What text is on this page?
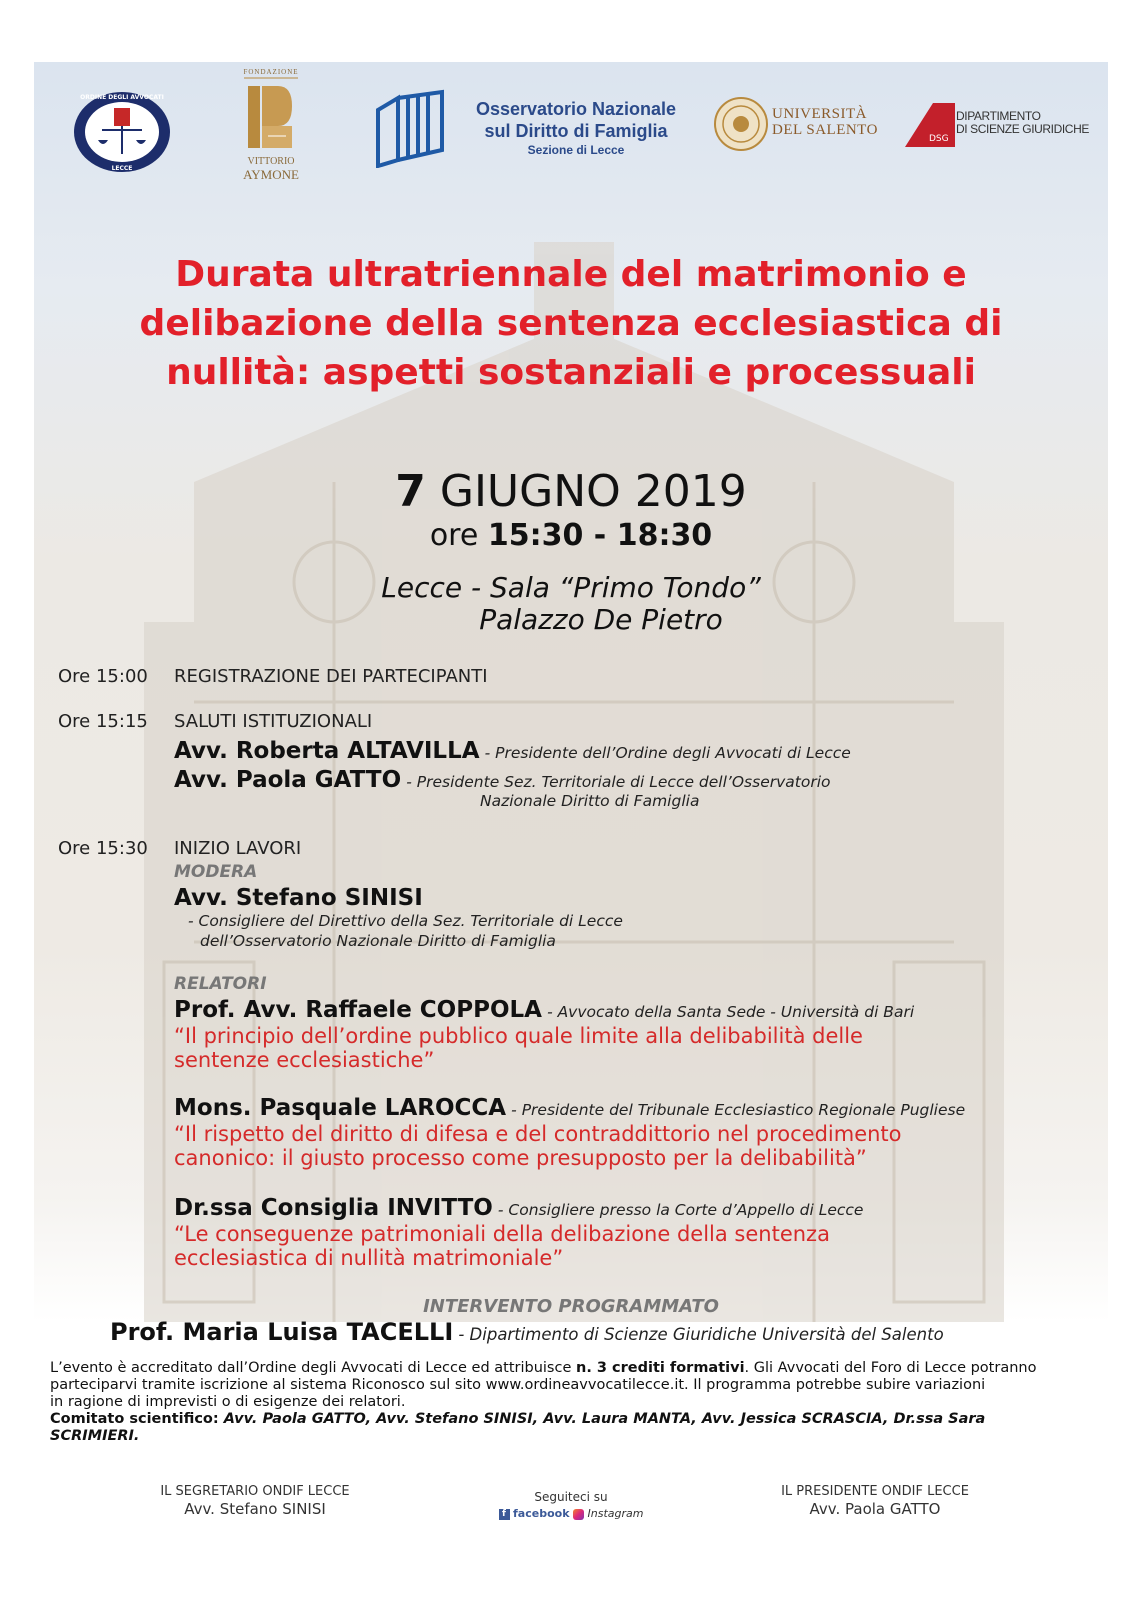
ORDINE DEGLI AVVOCATI
LECCE
FONDAZIONE
VITTORIO
AYMONE
Osservatorio Nazionale
sul Diritto di Famiglia
Sezione di Lecce
UNIVERSITÀ
DEL SALENTO
DSG
DIPARTIMENTO
DI SCIENZE GIURIDICHE
Durata ultratriennale del matrimonio e
delibazione della sentenza ecclesiastica di
nullità: aspetti sostanziali e processuali
7 GIUGNO 2019
ore 15:30 - 18:30
Lecce - Sala “Primo Tondo”
Palazzo De Pietro
Ore 15:00 REGISTRAZIONE DEI PARTECIPANTI
Ore 15:15 SALUTI ISTITUZIONALI
Avv. Roberta ALTAVILLA - Presidente dell’Ordine degli Avvocati di Lecce
Avv. Paola GATTO - Presidente Sez. Territoriale di Lecce dell’Osservatorio
Nazionale Diritto di Famiglia
Ore 15:30 INIZIO LAVORI
MODERA
Avv. Stefano SINISI
- Consigliere del Direttivo della Sez. Territoriale di Lecce
dell’Osservatorio Nazionale Diritto di Famiglia
RELATORI
Prof. Avv. Raffaele COPPOLA - Avvocato della Santa Sede - Università di Bari
“Il principio dell’ordine pubblico quale limite alla delibabilità delle
sentenze ecclesiastiche”
Mons. Pasquale LAROCCA - Presidente del Tribunale Ecclesiastico Regionale Pugliese
“Il rispetto del diritto di difesa e del contraddittorio nel procedimento
canonico: il giusto processo come presupposto per la delibabilità”
Dr.ssa Consiglia INVITTO - Consigliere presso la Corte d’Appello di Lecce
“Le conseguenze patrimoniali della delibazione della sentenza
ecclesiastica di nullità matrimoniale”
INTERVENTO PROGRAMMATO
Prof. Maria Luisa TACELLI - Dipartimento di Scienze Giuridiche Università del Salento
L’evento è accreditato dall’Ordine degli Avvocati di Lecce ed attribuisce n. 3 crediti formativi. Gli Avvocati del Foro di Lecce potranno
parteciparvi tramite iscrizione al sistema Riconosco sul sito www.ordineavvocatilecce.it. Il programma potrebbe subire variazioni
in ragione di imprevisti o di esigenze dei relatori.
Comitato scientifico: Avv. Paola GATTO, Avv. Stefano SINISI, Avv. Laura MANTA, Avv. Jessica SCRASCIA, Dr.ssa Sara
SCRIMIERI.
IL SEGRETARIO ONDIF LECCE
Avv. Stefano SINISI
Seguiteci su
f facebook Instagram
IL PRESIDENTE ONDIF LECCE
Avv. Paola GATTO
